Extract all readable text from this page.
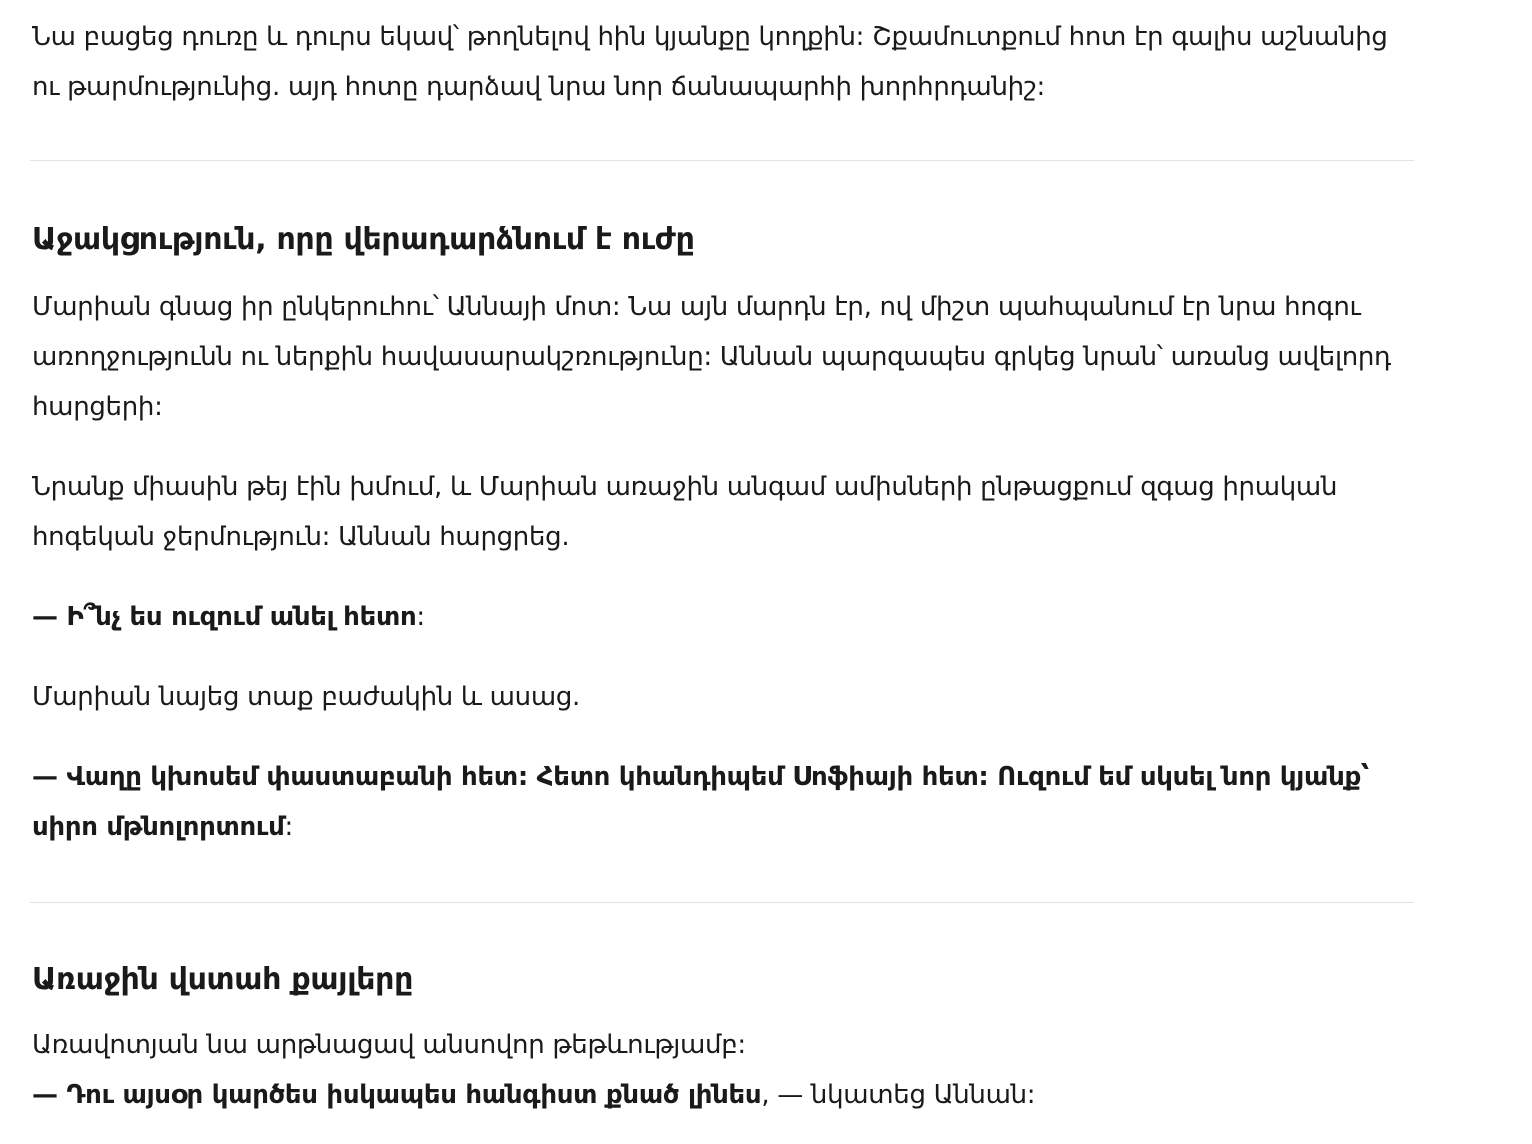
Նա բացեց դուռը և դուրս եկավ՝ թողնելով հին կյանքը կողքին: Շքամուտքում հոտ էր գալիս աշնանից ու թարմությունից. այդ հոտը դարձավ նրա նոր ճանապարհի խորհրդանիշ:

Աջակցություն, որը վերադարձնում է ուժը

Մարիան գնաց իր ընկերուհու՝ Աննայի մոտ: Նա այն մարդն էր, ով միշտ պահպանում էր նրա հոգու առողջությունն ու ներքին հավասարակշռությունը: Աննան պարզապես գրկեց նրան՝ առանց ավելորդ հարցերի:

Նրանք միասին թեյ էին խմում, և Մարիան առաջին անգամ ամիսների ընթացքում զգաց իրական հոգեկան ջերմություն: Աննան հարցրեց.

— Ի՞նչ ես ուզում անել հետո:

Մարիան նայեց տաք բաժակին և ասաց.

— Վաղը կխոսեմ փաստաբանի հետ: Հետո կհանդիպեմ Սոֆիայի հետ: Ուզում եմ սկսել նոր կյանք՝ սիրո մթնոլորտում:

Առաջին վստահ քայլերը

Առավոտյան նա արթնացավ անսովոր թեթևությամբ:

— Դու այսօր կարծես իսկապես հանգիստ քնած լինես, — նկատեց Աննան:
